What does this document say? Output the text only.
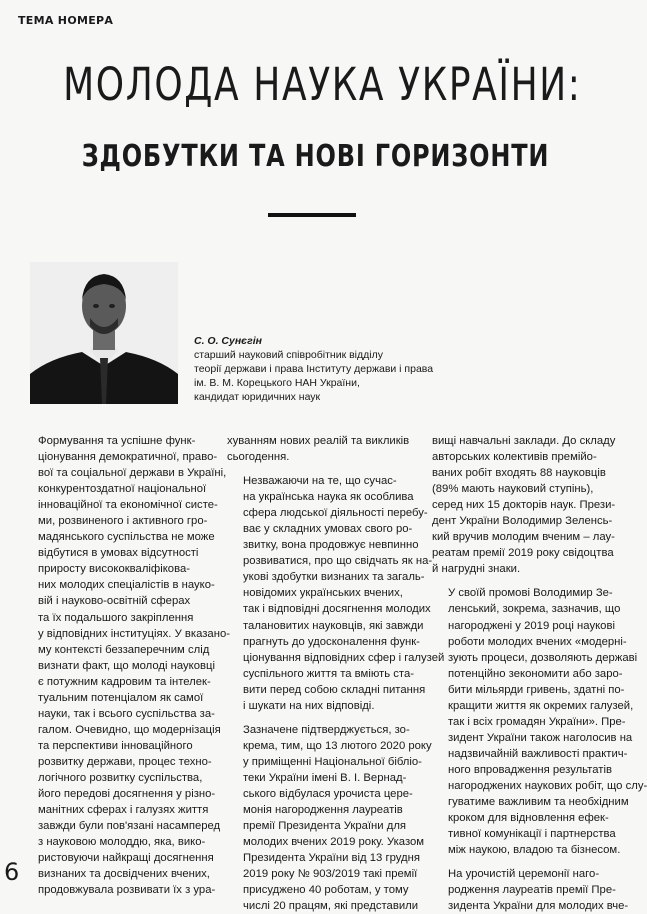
ТЕМА НОМЕРА
МОЛОДА НАУКА УКРАЇНИ:
ЗДОБУТКИ ТА НОВІ ГОРИЗОНТИ
С. О. Сунєгін
старший науковий співробітник відділу
теорії держави і права Інституту держави і права
ім. В. М. Корецького НАН України,
кандидат юридичних наук

Формування та успішне функ-
ціонування демократичної, право-
вої та соціальної держави в Україні,
конкурентоздатної національної
інноваційної та економічної систе-
ми, розвиненого і активного гро-
мадянського суспільства не може
відбутися в умовах відсутності
приросту висококваліфікова-
них молодих спеціалістів в науко-
вій і науково-освітній сферах
та їх подальшого закріплення
у відповідних інституціях. У вказано-
му контексті беззаперечним слід
визнати факт, що молоді науковці
є потужним кадровим та інтелек-
туальним потенціалом як самої
науки, так і всього суспільства за-
галом. Очевидно, що модернізація
та перспективи інноваційного
розвитку держави, процес техно-
логічного розвитку суспільства,
його передові досягнення у різно-
манітних сферах і галузях життя
завжди були пов'язані насамперед
з науковою молоддю, яка, вико-
ристовуючи найкращі досягнення
визнаних та досвідчених вчених,
продовжувала розвивати їх з ура-

хуванням нових реалій та викликів
сьогодення.

Незважаючи на те, що сучас-
на українська наука як особлива
сфера людської діяльності перебу-
ває у складних умовах свого ро-
звитку, вона продовжує невпинно
розвиватися, про що свідчать як на-
укові здобутки визнаних та загаль-
новідомих українських вчених,
так і відповідні досягнення молодих
талановитих науковців, які завжди
прагнуть до удосконалення функ-
ціонування відповідних сфер і галузей
суспільного життя та вміють ста-
вити перед собою складні питання
і шукати на них відповіді.

Зазначене підтверджується, зо-
крема, тим, що 13 лютого 2020 року
у приміщенні Національної бібліо-
теки України імені В. І. Вернад-
ського відбулася урочиста цере-
монія нагородження лауреатів
премії Президента України для
молодих вчених 2019 року. Указом
Президента України від 13 грудня
2019 року № 903/2019 такі премії
присуджено 40 роботам, у тому
числі 20 працям, які представили

вищі навчальні заклади. До складу
авторських колективів премійо-
ваних робіт входять 88 науковців
(89% мають науковий ступінь),
серед них 15 докторів наук. Прези-
дент України Володимир Зеленсь-
кий вручив молодим вченим – лау-
реатам премії 2019 року свідоцтва
й нагрудні знаки.

У своїй промові Володимир Зе-
ленський, зокрема, зазначив, що
нагороджені у 2019 році наукові
роботи молодих вчених «модерні-
зують процеси, дозволяють державі
потенційно зекономити або заро-
бити мільярди гривень, здатні по-
кращити життя як окремих галузей,
так і всіх громадян України». Пре-
зидент України також наголосив на
надзвичайній важливості практич-
ного впровадження результатів
нагороджених наукових робіт, що слу-
гуватиме важливим та необхідним
кроком для відновлення ефек-
тивної комунікації і партнерства
між наукою, владою та бізнесом.

На урочистій церемонії наго-
родження лауреатів премії Пре-
зидента України для молодих вче-

6
